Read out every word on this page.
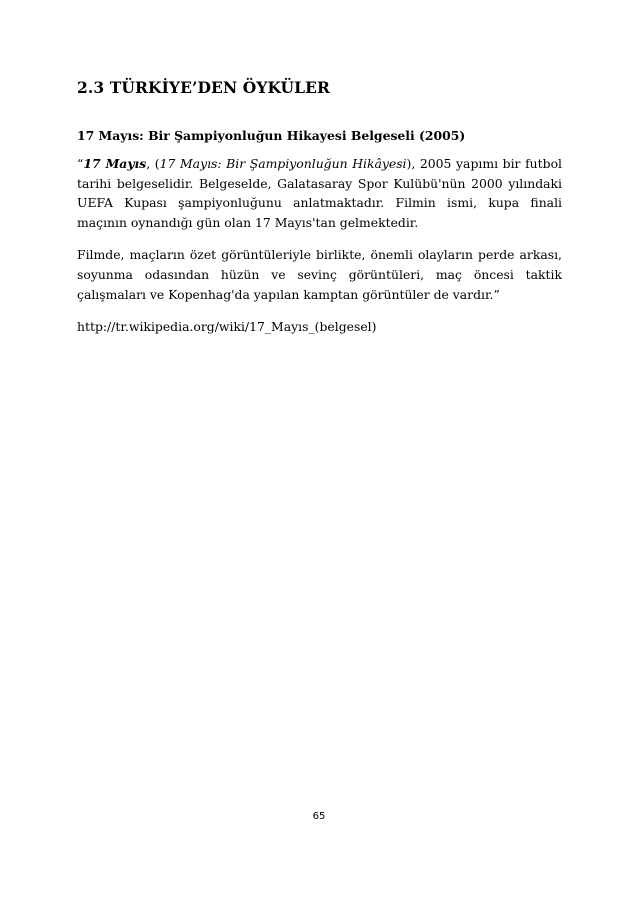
2.3 TÜRKİYE’DEN ÖYKÜLER

17 Mayıs: Bir Şampiyonluğun Hikayesi Belgeseli (2005)

“17 Mayıs, (17 Mayıs: Bir Şampiyonluğun Hikâyesi), 2005 yapımı bir futbol tarihi belgeselidir. Belgeselde, Galatasaray Spor Kulübü'nün 2000 yılındaki UEFA Kupası şampiyonluğunu anlatmaktadır. Filmin ismi, kupa finali maçının oynandığı gün olan 17 Mayıs'tan gelmektedir.

Filmde, maçların özet görüntüleriyle birlikte, önemli olayların perde arkası, soyunma odasından hüzün ve sevinç görüntüleri, maç öncesi taktik çalışmaları ve Kopenhag'da yapılan kamptan görüntüler de vardır.”

http://tr.wikipedia.org/wiki/17_Mayıs_(belgesel)

65
